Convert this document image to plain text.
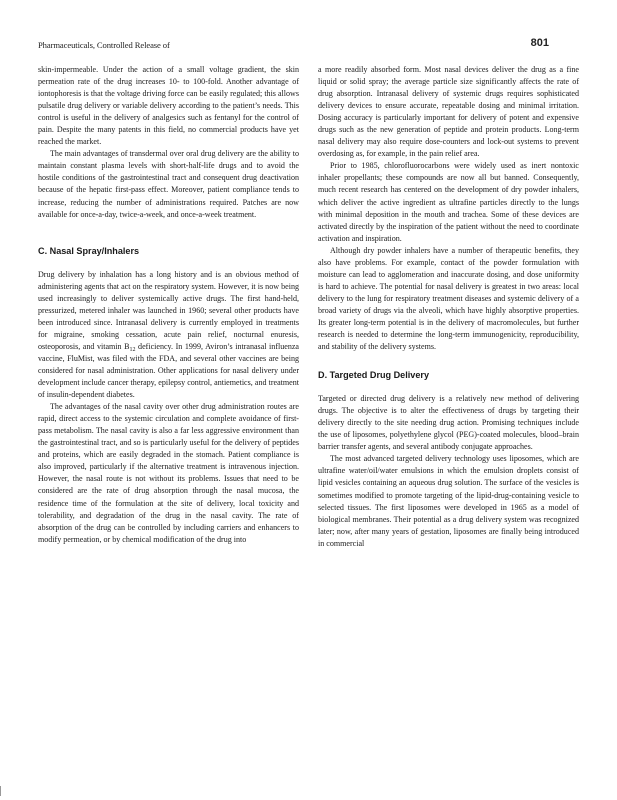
Pharmaceuticals, Controlled Release of	801

skin-impermeable. Under the action of a small voltage gradient, the skin permeation rate of the drug increases 10- to 100-fold. Another advantage of iontophoresis is that the voltage driving force can be easily regulated; this allows pulsatile drug delivery or variable delivery according to the patient’s needs. This control is useful in the delivery of analgesics such as fentanyl for the control of pain. Despite the many patents in this field, no commercial products have yet reached the market.

The main advantages of transdermal over oral drug delivery are the ability to maintain constant plasma levels with short-half-life drugs and to avoid the hostile conditions of the gastrointestinal tract and consequent drug deactivation because of the hepatic first-pass effect. Moreover, patient compliance tends to increase, reducing the number of administrations required. Patches are now available for once-a-day, twice-a-week, and once-a-week treatment.

C. Nasal Spray/Inhalers

Drug delivery by inhalation has a long history and is an obvious method of administering agents that act on the respiratory system. However, it is now being used increasingly to deliver systemically active drugs. The first hand-held, pressurized, metered inhaler was launched in 1960; several other products have been introduced since. Intranasal delivery is currently employed in treatments for migraine, smoking cessation, acute pain relief, nocturnal enuresis, osteoporosis, and vitamin $B_{12}$ deficiency. In 1999, Aviron’s intranasal influenza vaccine, FluMist, was filed with the FDA, and several other vaccines are being considered for nasal administration. Other applications for nasal delivery under development include cancer therapy, epilepsy control, antiemetics, and treatment of insulin-dependent diabetes.

The advantages of the nasal cavity over other drug administration routes are rapid, direct access to the systemic circulation and complete avoidance of first-pass metabolism. The nasal cavity is also a far less aggressive environment than the gastrointestinal tract, and so is particularly useful for the delivery of peptides and proteins, which are easily degraded in the stomach. Patient compliance is also improved, particularly if the alternative treatment is intravenous injection. However, the nasal route is not without its problems. Issues that need to be considered are the rate of drug absorption through the nasal mucosa, the residence time of the formulation at the site of delivery, local toxicity and tolerability, and degradation of the drug in the nasal cavity. The rate of absorption of the drug can be controlled by including carriers and enhancers to modify permeation, or by chemical modification of the drug into

a more readily absorbed form. Most nasal devices deliver the drug as a fine liquid or solid spray; the average particle size significantly affects the rate of drug absorption. Intranasal delivery of systemic drugs requires sophisticated delivery devices to ensure accurate, repeatable dosing and minimal irritation. Dosing accuracy is particularly important for delivery of potent and expensive drugs such as the new generation of peptide and protein products. Long-term nasal delivery may also require dose-counters and lock-out systems to prevent overdosing as, for example, in the pain relief area.

Prior to 1985, chlorofluorocarbons were widely used as inert nontoxic inhaler propellants; these compounds are now all but banned. Consequently, much recent research has centered on the development of dry powder inhalers, which deliver the active ingredient as ultrafine particles directly to the lungs with minimal deposition in the mouth and trachea. Some of these devices are activated directly by the inspiration of the patient without the need to coordinate activation and inspiration.

Although dry powder inhalers have a number of therapeutic benefits, they also have problems. For example, contact of the powder formulation with moisture can lead to agglomeration and inaccurate dosing, and dose uniformity is hard to achieve. The potential for nasal delivery is greatest in two areas: local delivery to the lung for respiratory treatment diseases and systemic delivery of a broad variety of drugs via the alveoli, which have highly absorptive properties. Its greater long-term potential is in the delivery of macromolecules, but further research is needed to determine the long-term immunogenicity, reproducibility, and stability of the delivery systems.

D. Targeted Drug Delivery

Targeted or directed drug delivery is a relatively new method of delivering drugs. The objective is to alter the effectiveness of drugs by targeting their delivery directly to the site needing drug action. Promising techniques include the use of liposomes, polyethylene glycol (PEG)-coated molecules, blood–brain barrier transfer agents, and several antibody conjugate approaches.

The most advanced targeted delivery technology uses liposomes, which are ultrafine water/oil/water emulsions in which the emulsion droplets consist of lipid vesicles containing an aqueous drug solution. The surface of the vesicles is sometimes modified to promote targeting of the lipid-drug-containing vesicle to selected tissues. The first liposomes were developed in 1965 as a model of biological membranes. Their potential as a drug delivery system was recognized later; now, after many years of gestation, liposomes are finally being introduced in commercial
